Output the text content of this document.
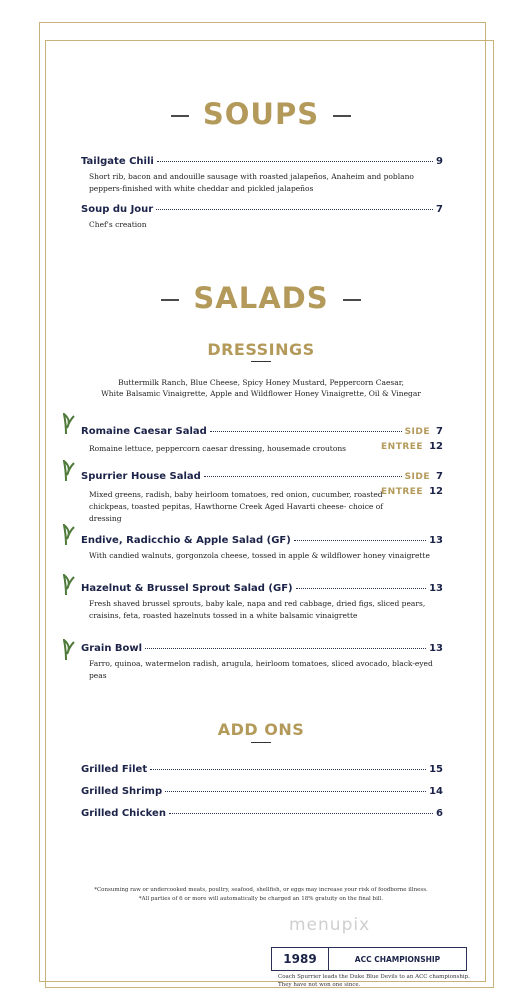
SOUPS
Tailgate Chili	9
Short rib, bacon and andouille sausage with roasted jalapeños, Anaheim and poblano peppers-finished with white cheddar and pickled jalapeños
Soup du Jour	7
Chef's creation
SALADS
DRESSINGS
Buttermilk Ranch, Blue Cheese, Spicy Honey Mustard, Peppercorn Caesar,
White Balsamic Vinaigrette, Apple and Wildflower Honey Vinaigrette, Oil & Vinegar
Romaine Caesar Salad	SIDE 7
ENTREE 12
Romaine lettuce, peppercorn caesar dressing, housemade croutons
Spurrier House Salad	SIDE 7
ENTREE 12
Mixed greens, radish, baby heirloom tomatoes, red onion, cucumber, roasted chickpeas, toasted pepitas, Hawthorne Creek Aged Havarti cheese- choice of dressing
Endive, Radicchio & Apple Salad (GF)	13
With candied walnuts, gorgonzola cheese, tossed in apple & wildflower honey vinaigrette
Hazelnut & Brussel Sprout Salad (GF)	13
Fresh shaved brussel sprouts, baby kale, napa and red cabbage, dried figs, sliced pears, craisins, feta, roasted hazelnuts tossed in a white balsamic vinaigrette
Grain Bowl	13
Farro, quinoa, watermelon radish, arugula, heirloom tomatoes, sliced avocado, black-eyed peas
ADD ONS
Grilled Filet	15
Grilled Shrimp	14
Grilled Chicken	6
*Consuming raw or undercooked meats, poultry, seafood, shellfish, or eggs may increase your risk of foodborne illness.
*All parties of 6 or more will automatically be charged an 18% gratuity on the final bill.
menupix
1989	ACC CHAMPIONSHIP
Coach Spurrier leads the Duke Blue Devils to an ACC championship. They have not won one since.
